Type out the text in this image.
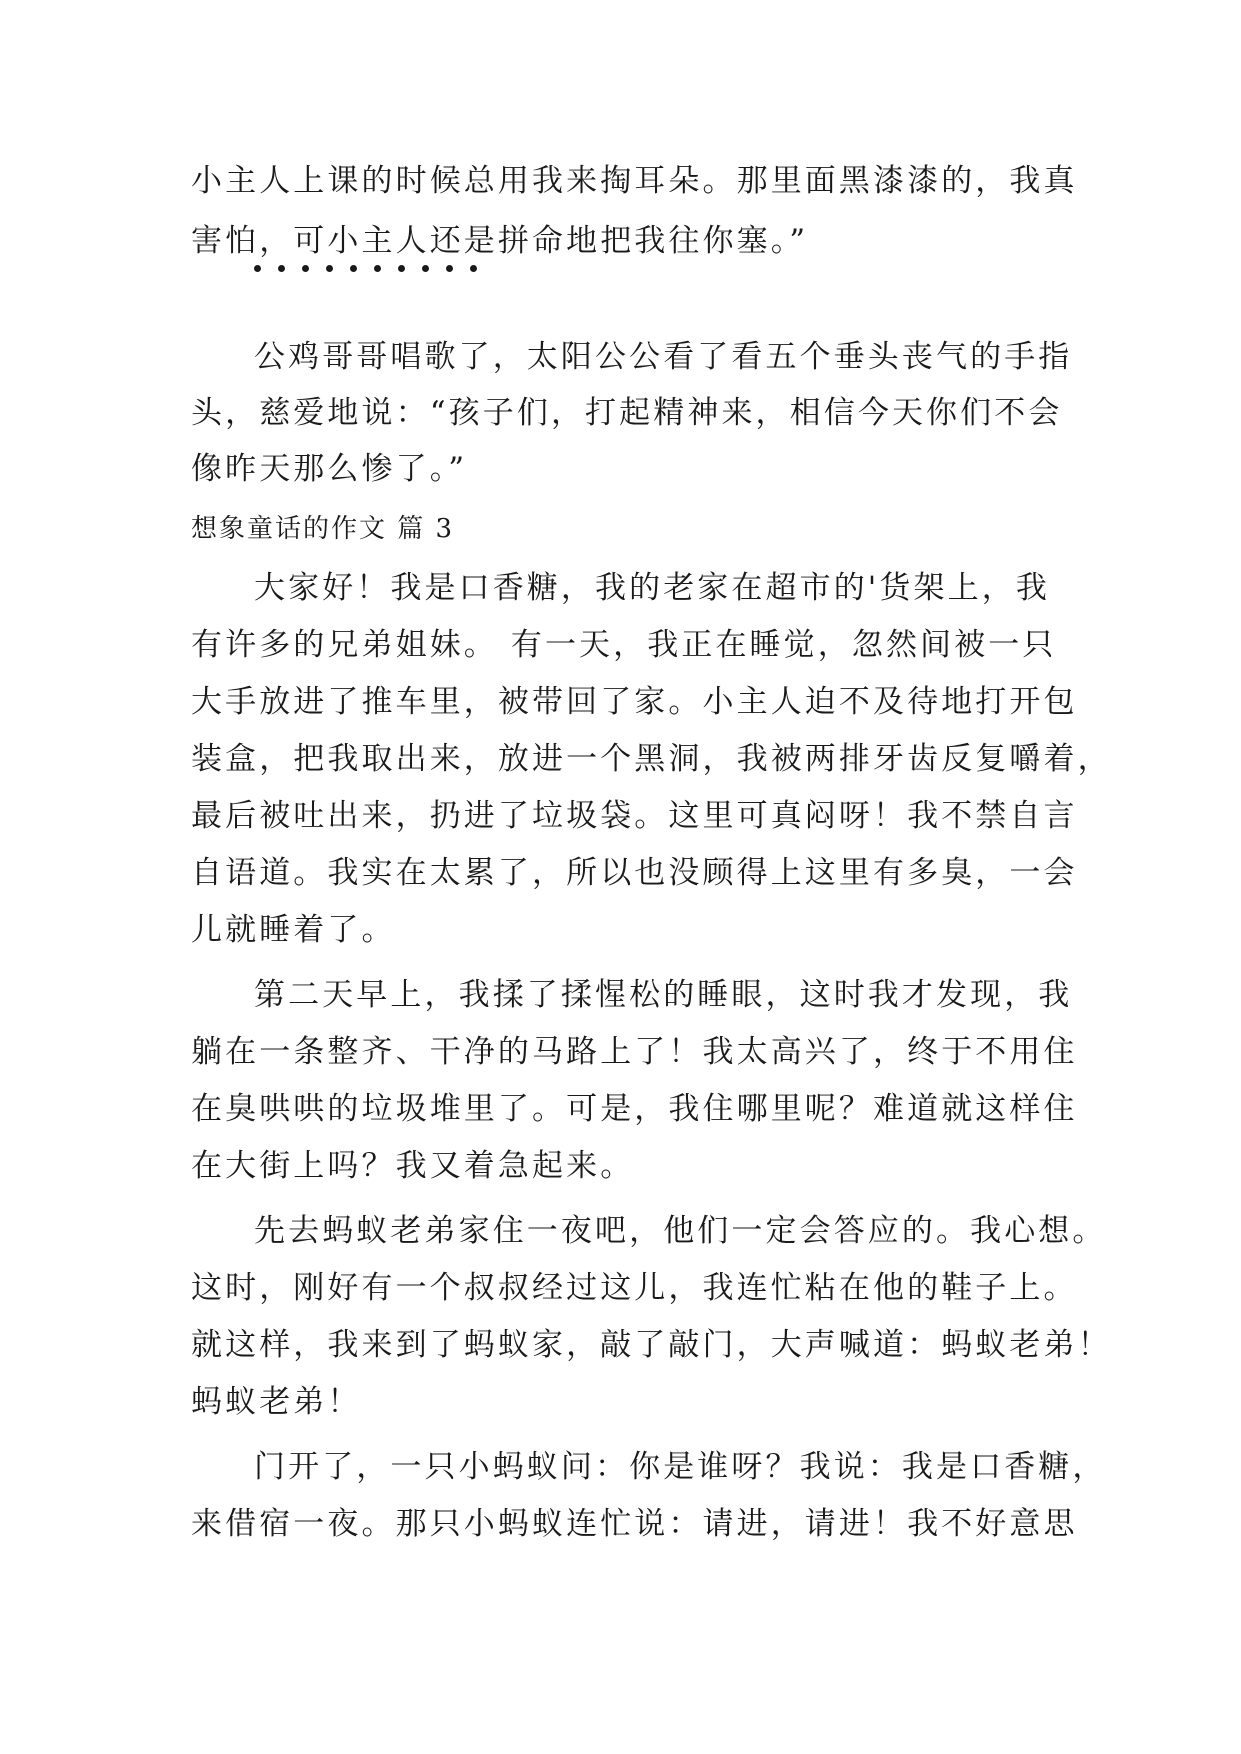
小主人上课的时候总用我来掏耳朵。那里面黑漆漆的，我真
害怕，可小主人还是拼命地把我往你塞。”
公鸡哥哥唱歌了，太阳公公看了看五个垂头丧气的手指
头，慈爱地说：“孩子们，打起精神来，相信今天你们不会
像昨天那么惨了。”
想象童话的作文 篇 3
大家好！我是口香糖，我的老家在超市的'货架上，我
有许多的兄弟姐妹。 有一天，我正在睡觉，忽然间被一只
大手放进了推车里，被带回了家。小主人迫不及待地打开包
装盒，把我取出来，放进一个黑洞，我被两排牙齿反复嚼着，
最后被吐出来，扔进了垃圾袋。这里可真闷呀！我不禁自言
自语道。我实在太累了，所以也没顾得上这里有多臭，一会
儿就睡着了。
第二天早上，我揉了揉惺松的睡眼，这时我才发现，我
躺在一条整齐、干净的马路上了！我太高兴了，终于不用住
在臭哄哄的垃圾堆里了。可是，我住哪里呢？难道就这样住
在大街上吗？我又着急起来。
先去蚂蚁老弟家住一夜吧，他们一定会答应的。我心想。
这时，刚好有一个叔叔经过这儿，我连忙粘在他的鞋子上。
就这样，我来到了蚂蚁家，敲了敲门，大声喊道：蚂蚁老弟！
蚂蚁老弟！
门开了，一只小蚂蚁问：你是谁呀？我说：我是口香糖，
来借宿一夜。那只小蚂蚁连忙说：请进，请进！我不好意思
